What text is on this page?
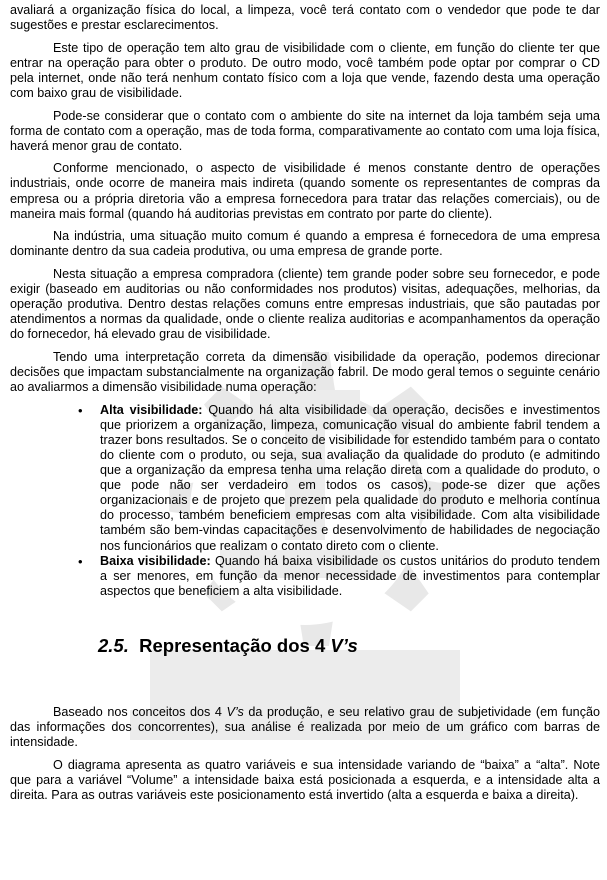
avaliará a organização física do local, a limpeza, você terá contato com o vendedor que pode te dar sugestões e prestar esclarecimentos.

Este tipo de operação tem alto grau de visibilidade com o cliente, em função do cliente ter que entrar na operação para obter o produto. De outro modo, você também pode optar por comprar o CD pela internet, onde não terá nenhum contato físico com a loja que vende, fazendo desta uma operação com baixo grau de visibilidade.

Pode-se considerar que o contato com o ambiente do site na internet da loja também seja uma forma de contato com a operação, mas de toda forma, comparativamente ao contato com uma loja física, haverá menor grau de contato.

Conforme mencionado, o aspecto de visibilidade é menos constante dentro de operações industriais, onde ocorre de maneira mais indireta (quando somente os representantes de compras da empresa ou a própria diretoria vão a empresa fornecedora para tratar das relações comerciais), ou de maneira mais formal (quando há auditorias previstas em contrato por parte do cliente).

Na indústria, uma situação muito comum é quando a empresa é fornecedora de uma empresa dominante dentro da sua cadeia produtiva, ou uma empresa de grande porte.

Nesta situação a empresa compradora (cliente) tem grande poder sobre seu fornecedor, e pode exigir (baseado em auditorias ou não conformidades nos produtos) visitas, adequações, melhorias, da operação produtiva. Dentro destas relações comuns entre empresas industriais, que são pautadas por atendimentos a normas da qualidade, onde o cliente realiza auditorias e acompanhamentos da operação do fornecedor, há elevado grau de visibilidade.

Tendo uma interpretação correta da dimensão visibilidade da operação, podemos direcionar decisões que impactam substancialmente na organização fabril. De modo geral temos o seguinte cenário ao avaliarmos a dimensão visibilidade numa operação:

• Alta visibilidade: Quando há alta visibilidade da operação, decisões e investimentos que priorizem a organização, limpeza, comunicação visual do ambiente fabril tendem a trazer bons resultados. Se o conceito de visibilidade for estendido também para o contato do cliente com o produto, ou seja, sua avaliação da qualidade do produto (e admitindo que a organização da empresa tenha uma relação direta com a qualidade do produto, o que pode não ser verdadeiro em todos os casos), pode-se dizer que ações organizacionais e de projeto que prezem pela qualidade do produto e melhoria contínua do processo, também beneficiem empresas com alta visibilidade. Com alta visibilidade também são bem-vindas capacitações e desenvolvimento de habilidades de negociação nos funcionários que realizam o contato direto com o cliente.
• Baixa visibilidade: Quando há baixa visibilidade os custos unitários do produto tendem a ser menores, em função da menor necessidade de investimentos para contemplar aspectos que beneficiem a alta visibilidade.
2.5. Representação dos 4 V’s

Baseado nos conceitos dos 4 V’s da produção, e seu relativo grau de subjetividade (em função das informações dos concorrentes), sua análise é realizada por meio de um gráfico com barras de intensidade.

O diagrama apresenta as quatro variáveis e sua intensidade variando de “baixa” a “alta”. Note que para a variável “Volume” a intensidade baixa está posicionada a esquerda, e a intensidade alta a direita. Para as outras variáveis este posicionamento está invertido (alta a esquerda e baixa a direita).
